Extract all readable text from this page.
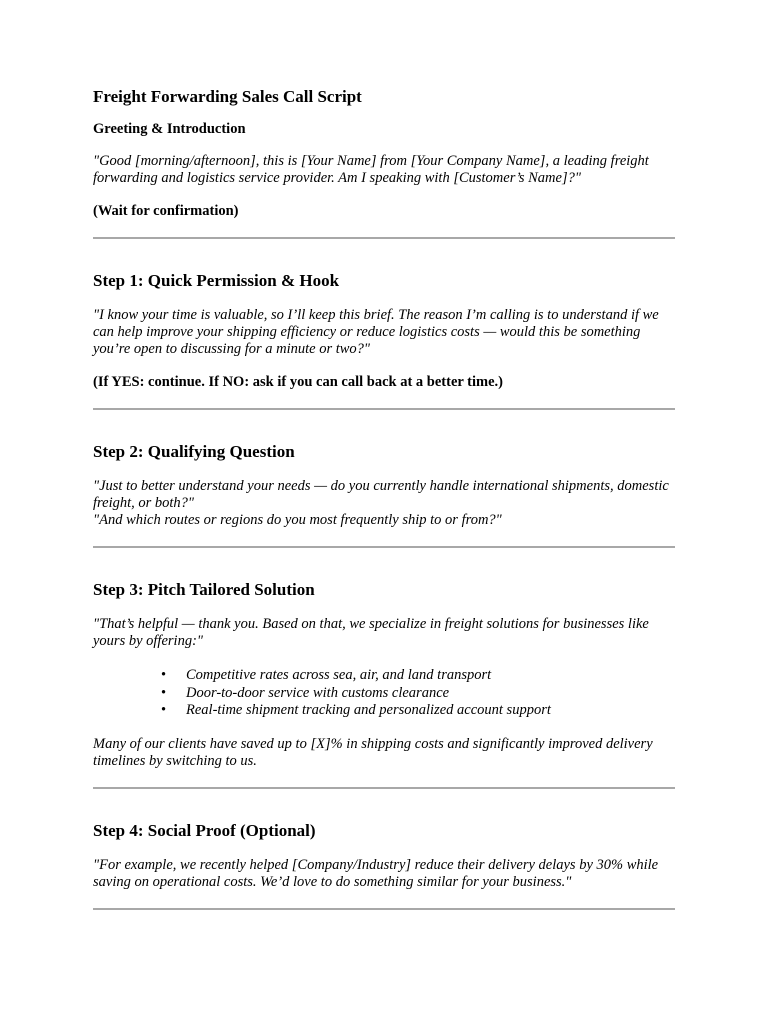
Freight Forwarding Sales Call Script
Greeting & Introduction

"Good [morning/afternoon], this is [Your Name] from [Your Company Name], a leading freight forwarding and logistics service provider. Am I speaking with [Customer’s Name]?"

(Wait for confirmation)

Step 1: Quick Permission & Hook

"I know your time is valuable, so I’ll keep this brief. The reason I’m calling is to understand if we can help improve your shipping efficiency or reduce logistics costs — would this be something you’re open to discussing for a minute or two?"

(If YES: continue. If NO: ask if you can call back at a better time.)

Step 2: Qualifying Question

"Just to better understand your needs — do you currently handle international shipments, domestic freight, or both?"

"And which routes or regions do you most frequently ship to or from?"

Step 3: Pitch Tailored Solution

"That’s helpful — thank you. Based on that, we specialize in freight solutions for businesses like yours by offering:"

• Competitive rates across sea, air, and land transport
• Door-to-door service with customs clearance
• Real-time shipment tracking and personalized account support

Many of our clients have saved up to [X]% in shipping costs and significantly improved delivery timelines by switching to us.

Step 4: Social Proof (Optional)

"For example, we recently helped [Company/Industry] reduce their delivery delays by 30% while saving on operational costs. We’d love to do something similar for your business."
